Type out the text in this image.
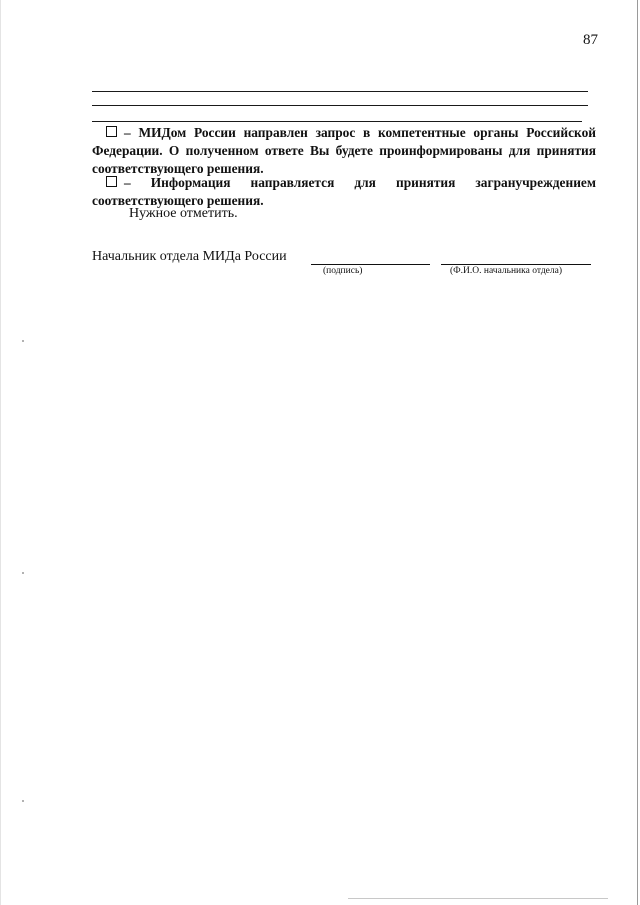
87
– МИДом России направлен запрос в компетентные органы Российской Федерации. О полученном ответе Вы будете проинформированы для принятия соответствующего решения.
– Информация направляется для принятия загранучреждением соответствующего решения.
Нужное отметить.
Начальник отдела МИДа России
(подпись)	(Ф.И.О. начальника отдела)
